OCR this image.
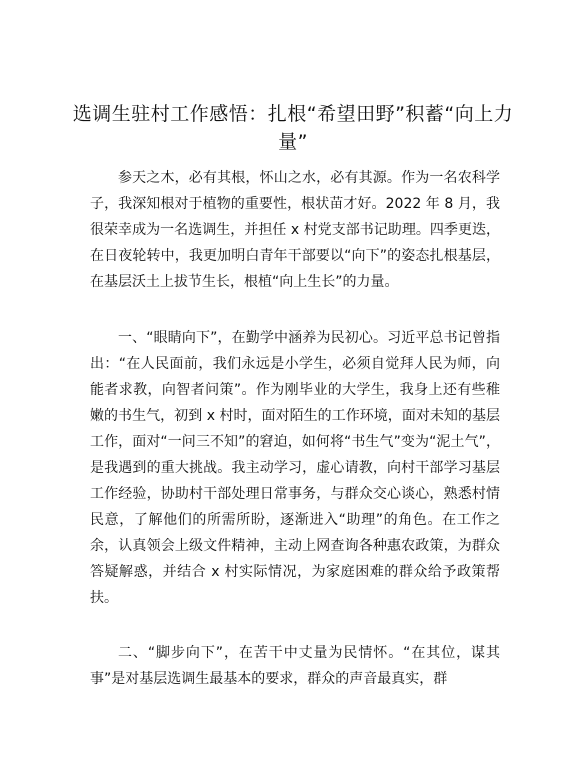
选调生驻村工作感悟：扎根“希望田野”积蓄“向上力量”

参天之木，必有其根，怀山之水，必有其源。作为一名农科学子，我深知根对于植物的重要性，根状苗才好。2022 年 8 月，我很荣幸成为一名选调生，并担任 x 村党支部书记助理。四季更迭，在日夜轮转中，我更加明白青年干部要以“向下”的姿态扎根基层，在基层沃土上拔节生长，根植“向上生长”的力量。

一、“眼睛向下”，在勤学中涵养为民初心。习近平总书记曾指出：“在人民面前，我们永远是小学生，必须自觉拜人民为师，向能者求教，向智者问策”。作为刚毕业的大学生，我身上还有些稚嫩的书生气，初到 x 村时，面对陌生的工作环境，面对未知的基层工作，面对“一问三不知”的窘迫，如何将“书生气”变为“泥土气”，是我遇到的重大挑战。我主动学习，虚心请教，向村干部学习基层工作经验，协助村干部处理日常事务，与群众交心谈心，熟悉村情民意，了解他们的所需所盼，逐渐进入“助理”的角色。在工作之余，认真领会上级文件精神，主动上网查询各种惠农政策，为群众答疑解惑，并结合 x 村实际情况，为家庭困难的群众给予政策帮扶。

二、“脚步向下”，在苦干中丈量为民情怀。“在其位，谋其事”是对基层选调生最基本的要求，群众的声音最真实，群
